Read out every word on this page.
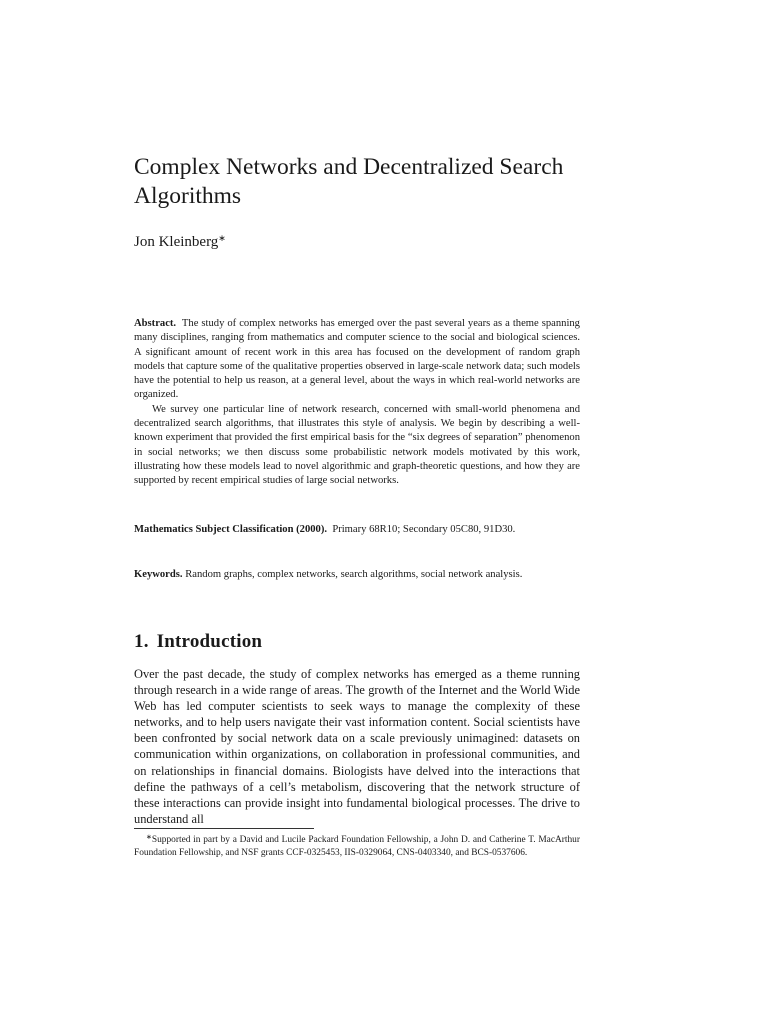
Complex Networks and Decentralized Search Algorithms
Jon Kleinberg∗

Abstract. The study of complex networks has emerged over the past several years as a theme spanning many disciplines, ranging from mathematics and computer science to the social and biological sciences. A significant amount of recent work in this area has focused on the development of random graph models that capture some of the qualitative properties observed in large-scale network data; such models have the potential to help us reason, at a general level, about the ways in which real-world networks are organized.

We survey one particular line of network research, concerned with small-world phenomena and decentralized search algorithms, that illustrates this style of analysis. We begin by describing a well-known experiment that provided the first empirical basis for the “six degrees of separation” phenomenon in social networks; we then discuss some probabilistic network models motivated by this work, illustrating how these models lead to novel algorithmic and graph-theoretic questions, and how they are supported by recent empirical studies of large social networks.

Mathematics Subject Classification (2000). Primary 68R10; Secondary 05C80, 91D30.

Keywords. Random graphs, complex networks, search algorithms, social network analysis.

1. Introduction

Over the past decade, the study of complex networks has emerged as a theme running through research in a wide range of areas. The growth of the Internet and the World Wide Web has led computer scientists to seek ways to manage the complexity of these networks, and to help users navigate their vast information content. Social scientists have been confronted by social network data on a scale previously unimagined: datasets on communication within organizations, on collaboration in professional communities, and on relationships in financial domains. Biologists have delved into the interactions that define the pathways of a cell’s metabolism, discovering that the network structure of these interactions can provide insight into fundamental biological processes. The drive to understand all

∗Supported in part by a David and Lucile Packard Foundation Fellowship, a John D. and Catherine T. MacArthur Foundation Fellowship, and NSF grants CCF-0325453, IIS-0329064, CNS-0403340, and BCS-0537606.
